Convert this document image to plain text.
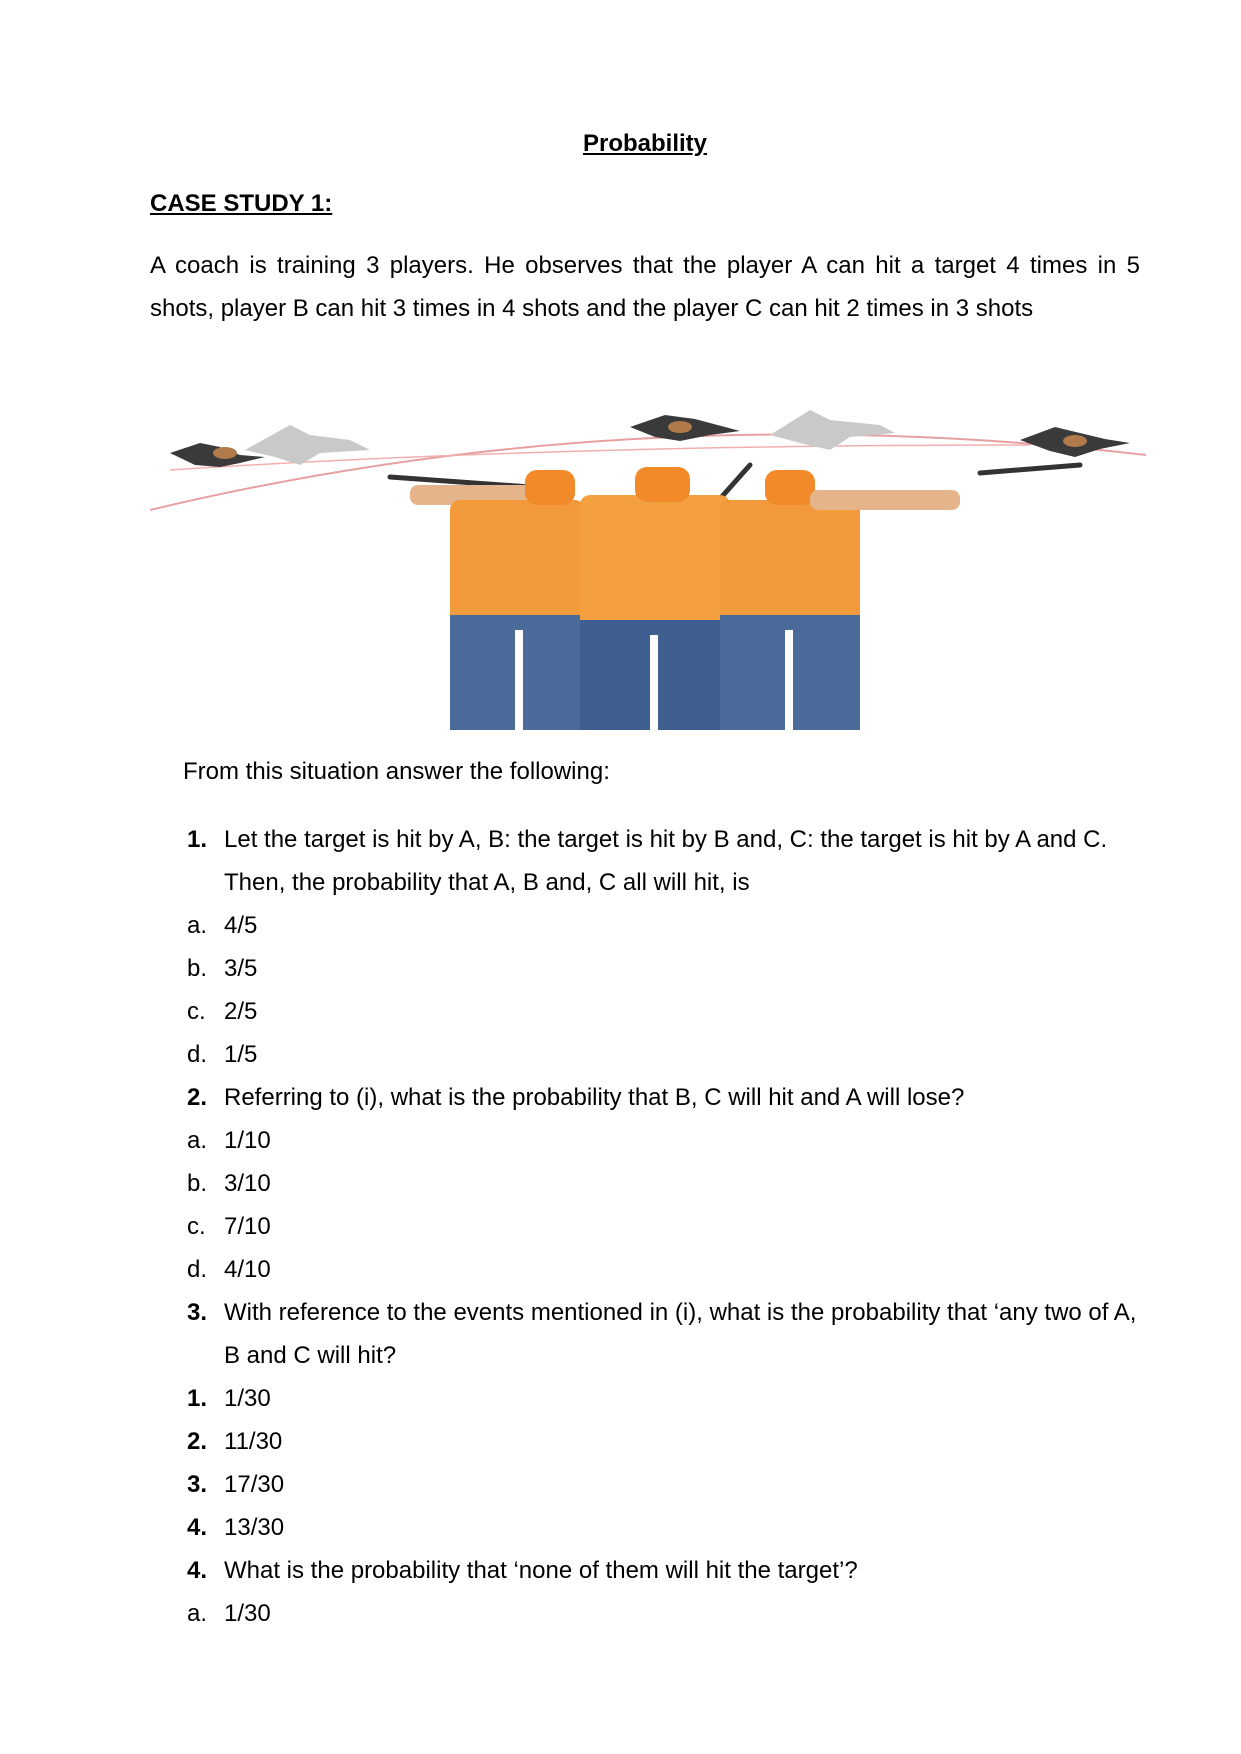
Probability
CASE STUDY 1:
A coach is training 3 players. He observes that the player A can hit a target 4 times in 5 shots, player B can hit 3 times in 4 shots and the player C can hit 2 times in 3 shots
From this situation answer the following:
1. Let the target is hit by A, B: the target is hit by B and, C: the target is hit by A and C. Then, the probability that A, B and, C all will hit, is
a. 4/5
b. 3/5
c. 2/5
d. 1/5
2. Referring to (i), what is the probability that B, C will hit and A will lose?
a. 1/10
b. 3/10
c. 7/10
d. 4/10
3. With reference to the events mentioned in (i), what is the probability that ‘any two of A, B and C will hit?
1. 1/30
2. 11/30
3. 17/30
4. 13/30
4. What is the probability that ‘none of them will hit the target’?
a. 1/30
